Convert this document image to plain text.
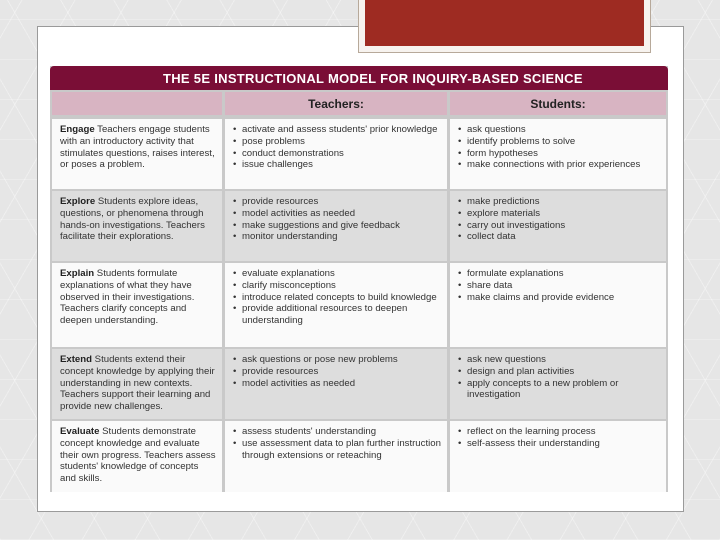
THE 5E INSTRUCTIONAL MODEL FOR INQUIRY-BASED SCIENCE
Teachers:	Students:
Engage Teachers engage students with an introductory activity that stimulates questions, raises interest, or poses a problem.
• activate and assess students' prior knowledge
• pose problems
• conduct demonstrations
• issue challenges
• ask questions
• identify problems to solve
• form hypotheses
• make connections with prior experiences
Explore Students explore ideas, questions, or phenomena through hands-on investigations. Teachers facilitate their explorations.
• provide resources
• model activities as needed
• make suggestions and give feedback
• monitor understanding
• make predictions
• explore materials
• carry out investigations
• collect data
Explain Students formulate explanations of what they have observed in their investigations. Teachers clarify concepts and deepen understanding.
• evaluate explanations
• clarify misconceptions
• introduce related concepts to build knowledge
• provide additional resources to deepen understanding
• formulate explanations
• share data
• make claims and provide evidence
Extend Students extend their concept knowledge by applying their understanding in new contexts. Teachers support their learning and provide new challenges.
• ask questions or pose new problems
• provide resources
• model activities as needed
• ask new questions
• design and plan activities
• apply concepts to a new problem or investigation
Evaluate Students demonstrate concept knowledge and evaluate their own progress. Teachers assess students' knowledge of concepts and skills.
• assess students' understanding
• use assessment data to plan further instruction through extensions or reteaching
• reflect on the learning process
• self-assess their understanding
